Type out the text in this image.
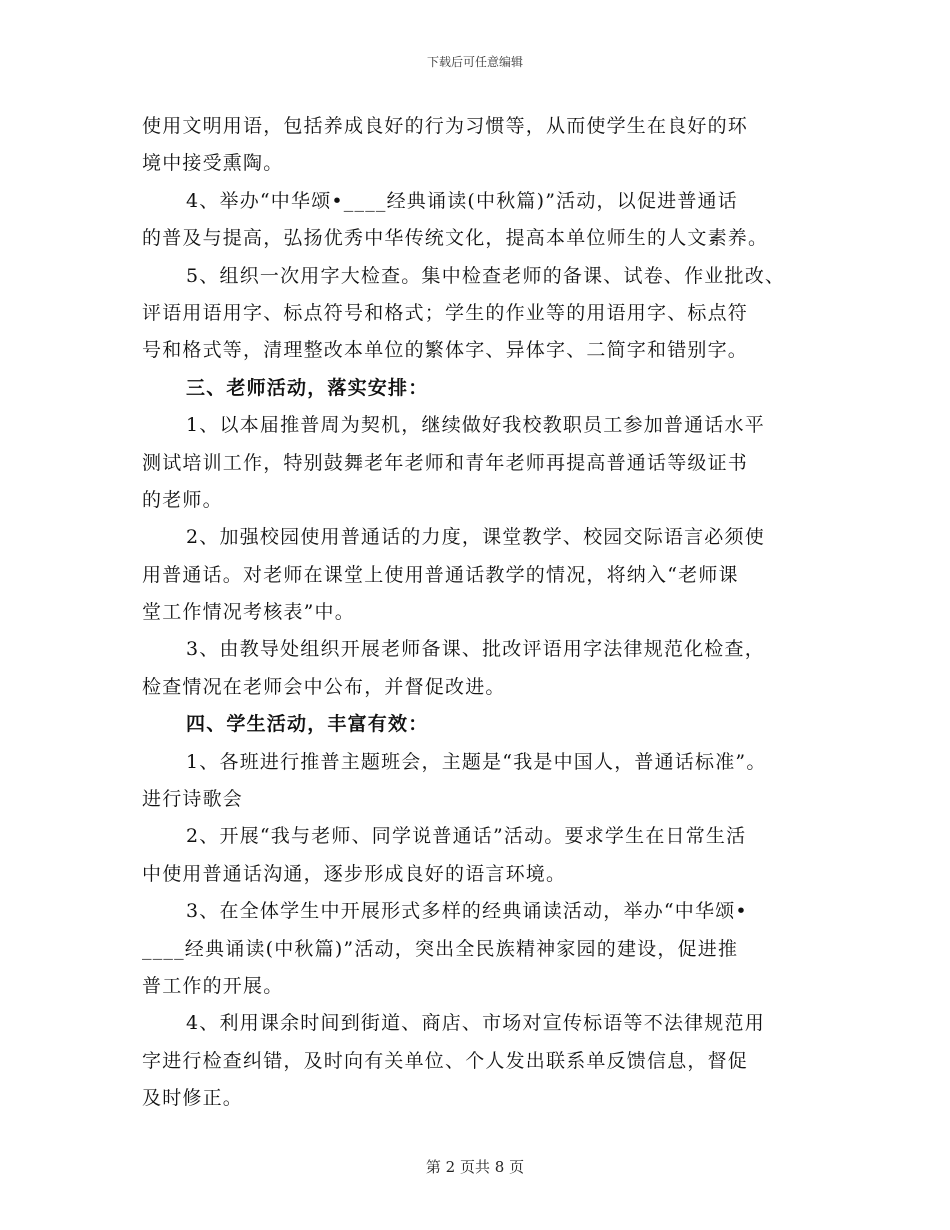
下载后可任意编辑
使用文明用语，包括养成良好的行为习惯等，从而使学生在良好的环
境中接受熏陶。
4、举办“中华颂•____经典诵读(中秋篇)”活动，以促进普通话
的普及与提高，弘扬优秀中华传统文化，提高本单位师生的人文素养。
5、组织一次用字大检查。集中检查老师的备课、试卷、作业批改、
评语用语用字、标点符号和格式；学生的作业等的用语用字、标点符
号和格式等，清理整改本单位的繁体字、异体字、二简字和错别字。
三、老师活动，落实安排：
1、以本届推普周为契机，继续做好我校教职员工参加普通话水平
测试培训工作，特别鼓舞老年老师和青年老师再提高普通话等级证书
的老师。
2、加强校园使用普通话的力度，课堂教学、校园交际语言必须使
用普通话。对老师在课堂上使用普通话教学的情况，将纳入“老师课
堂工作情况考核表”中。
3、由教导处组织开展老师备课、批改评语用字法律规范化检查，
检查情况在老师会中公布，并督促改进。
四、学生活动，丰富有效：
1、各班进行推普主题班会，主题是“我是中国人，普通话标准”。
进行诗歌会
2、开展“我与老师、同学说普通话”活动。要求学生在日常生活
中使用普通话沟通，逐步形成良好的语言环境。
3、在全体学生中开展形式多样的经典诵读活动，举办“中华颂•
____经典诵读(中秋篇)”活动，突出全民族精神家园的建设，促进推
普工作的开展。
4、利用课余时间到街道、商店、市场对宣传标语等不法律规范用
字进行检查纠错，及时向有关单位、个人发出联系单反馈信息，督促
及时修正。
第 2 页共 8 页
